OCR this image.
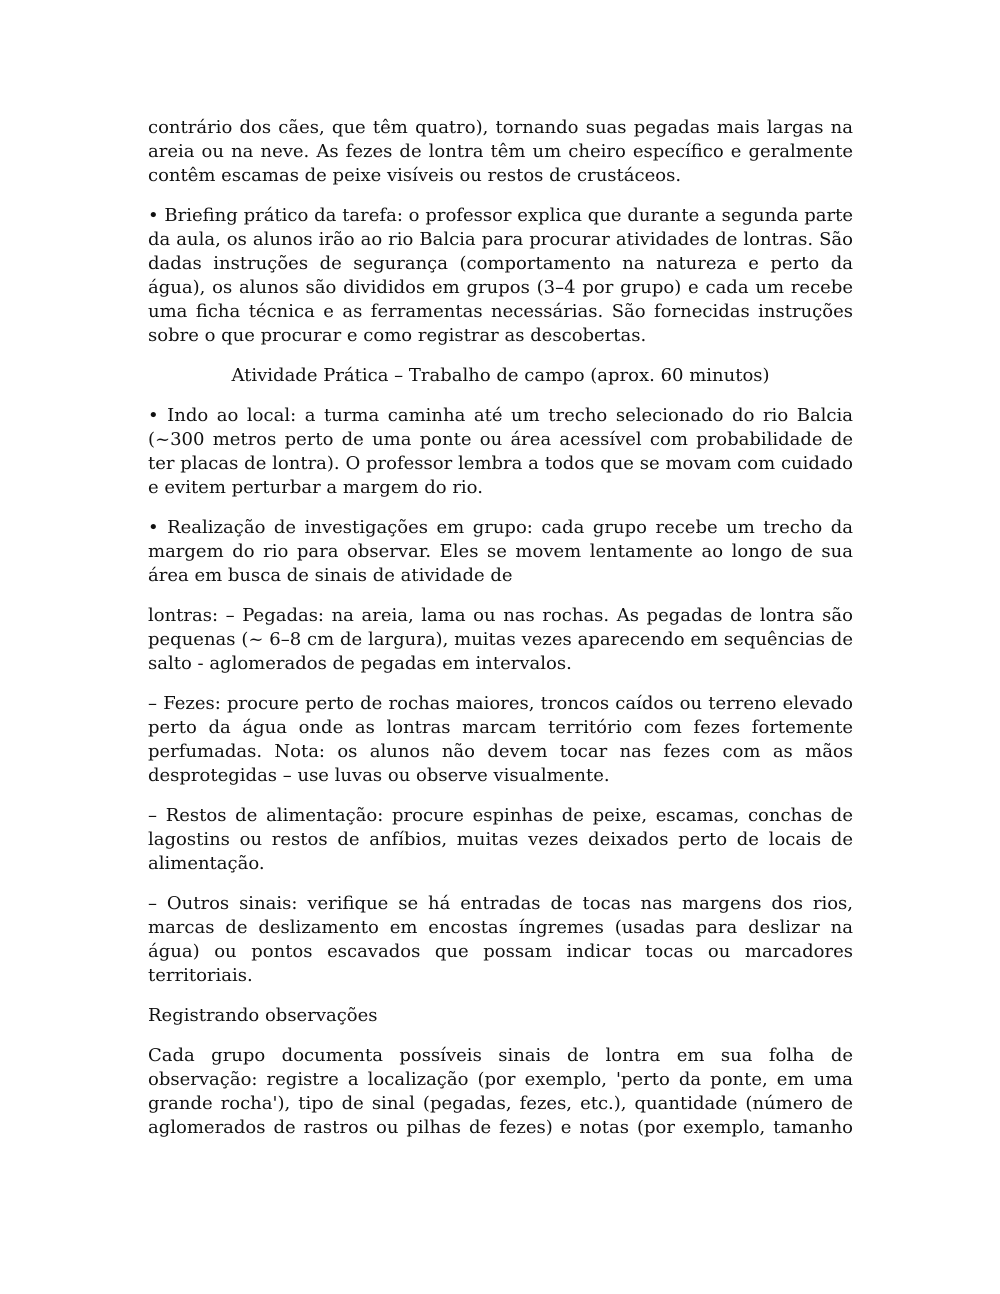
contrário dos cães, que têm quatro), tornando suas pegadas mais largas na areia ou na neve. As fezes de lontra têm um cheiro específico e geralmente contêm escamas de peixe visíveis ou restos de crustáceos.

• Briefing prático da tarefa: o professor explica que durante a segunda parte da aula, os alunos irão ao rio Balcia para procurar atividades de lontras. São dadas instruções de segurança (comportamento na natureza e perto da água), os alunos são divididos em grupos (3–4 por grupo) e cada um recebe uma ficha técnica e as ferramentas necessárias. São fornecidas instruções sobre o que procurar e como registrar as descobertas.

Atividade Prática – Trabalho de campo (aprox. 60 minutos)

• Indo ao local: a turma caminha até um trecho selecionado do rio Balcia (~300 metros perto de uma ponte ou área acessível com probabilidade de ter placas de lontra). O professor lembra a todos que se movam com cuidado e evitem perturbar a margem do rio.

• Realização de investigações em grupo: cada grupo recebe um trecho da margem do rio para observar. Eles se movem lentamente ao longo de sua área em busca de sinais de atividade de

lontras: – Pegadas: na areia, lama ou nas rochas. As pegadas de lontra são pequenas (~ 6–8 cm de largura), muitas vezes aparecendo em sequências de salto - aglomerados de pegadas em intervalos.

– Fezes: procure perto de rochas maiores, troncos caídos ou terreno elevado perto da água onde as lontras marcam território com fezes fortemente perfumadas. Nota: os alunos não devem tocar nas fezes com as mãos desprotegidas – use luvas ou observe visualmente.

– Restos de alimentação: procure espinhas de peixe, escamas, conchas de lagostins ou restos de anfíbios, muitas vezes deixados perto de locais de alimentação.

– Outros sinais: verifique se há entradas de tocas nas margens dos rios, marcas de deslizamento em encostas íngremes (usadas para deslizar na água) ou pontos escavados que possam indicar tocas ou marcadores territoriais.

Registrando observações

Cada grupo documenta possíveis sinais de lontra em sua folha de observação: registre a localização (por exemplo, 'perto da ponte, em uma grande rocha'), tipo de sinal (pegadas, fezes, etc.), quantidade (número de aglomerados de rastros ou pilhas de fezes) e notas (por exemplo, tamanho
